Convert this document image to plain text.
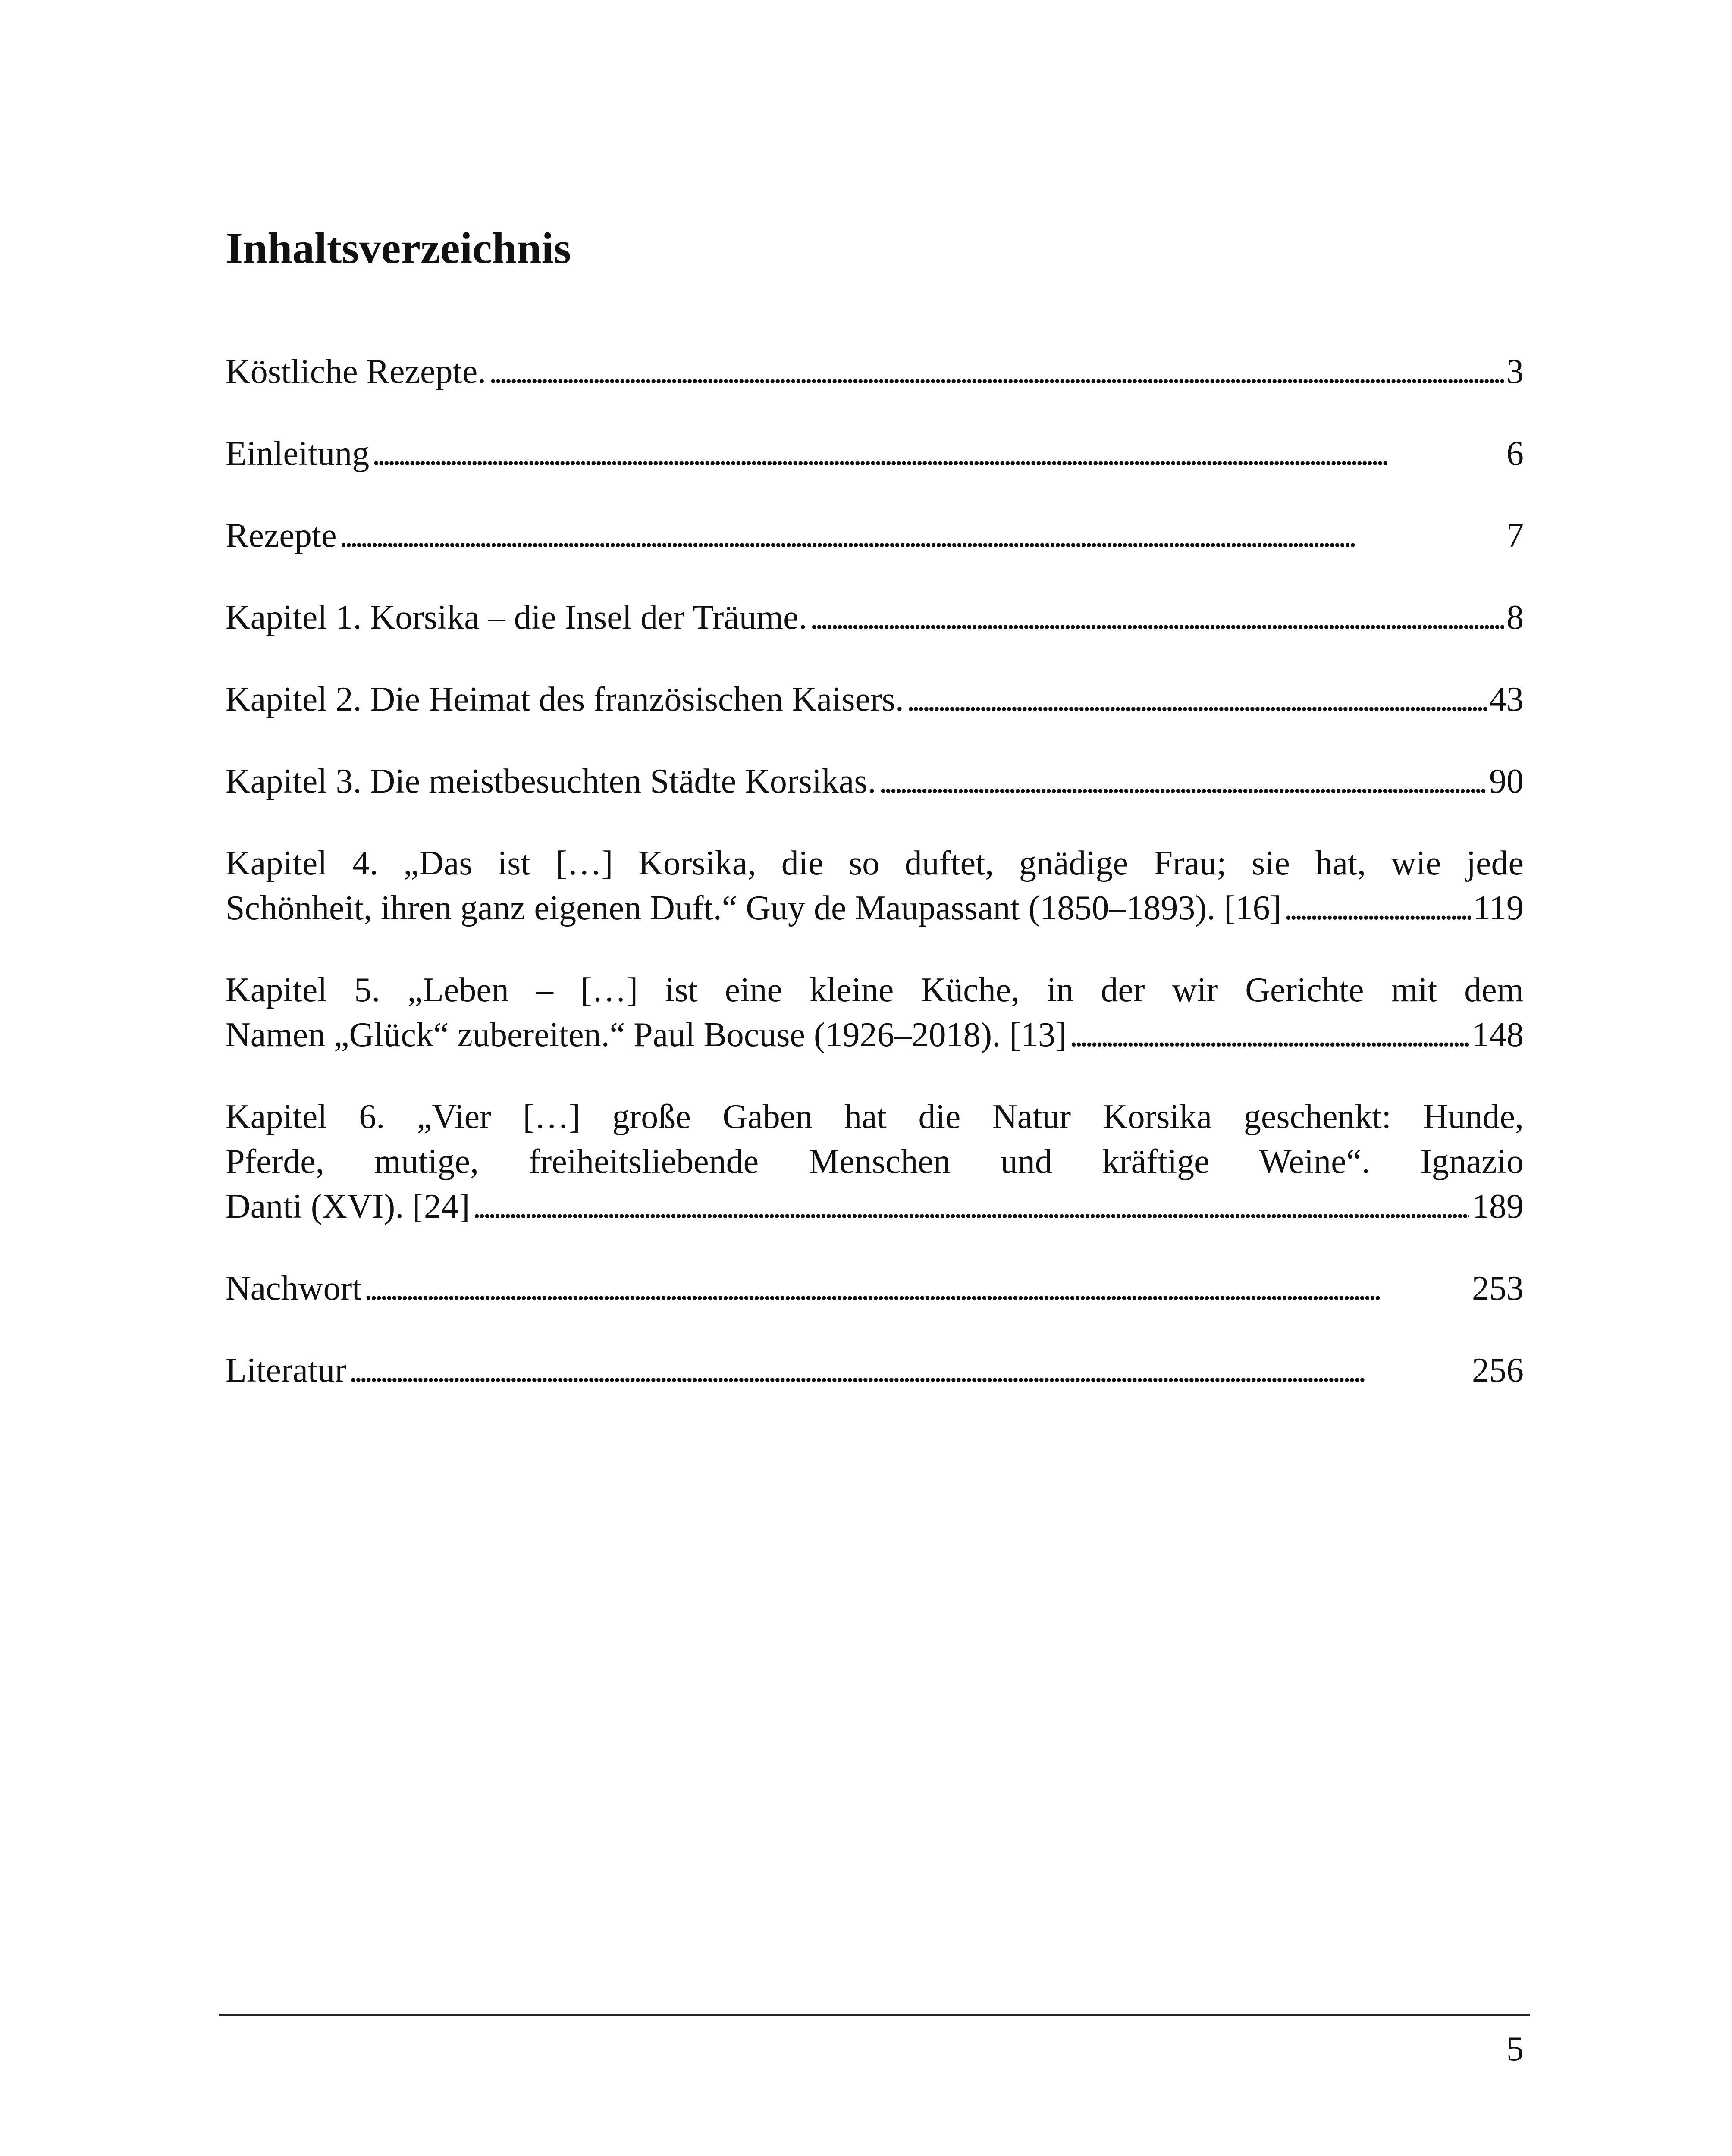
Inhaltsverzeichnis
Köstliche Rezepte. . . .	3
Einleitung . . .	6
Rezepte . . .	7
Kapitel 1. Korsika – die Insel der Träume. . . .	8
Kapitel 2. Die Heimat des französischen Kaisers. . . .	43
Kapitel 3. Die meistbesuchten Städte Korsikas. . . .	90
Kapitel 4. „Das ist […] Korsika, die so duftet, gnädige Frau; sie hat, wie jede
Schönheit, ihren ganz eigenen Duft.“ Guy de Maupassant (1850–1893). [16] . . .	119
Kapitel 5. „Leben – […] ist eine kleine Küche, in der wir Gerichte mit dem
Namen „Glück“ zubereiten.“ Paul Bocuse (1926–2018). [13] . . .	148
Kapitel 6. „Vier […] große Gaben hat die Natur Korsika geschenkt: Hunde,
Pferde, mutige, freiheitsliebende Menschen und kräftige Weine“. Ignazio
Danti (XVI). [24] . . .	189
Nachwort . . .	253
Literatur . . .	256
5
